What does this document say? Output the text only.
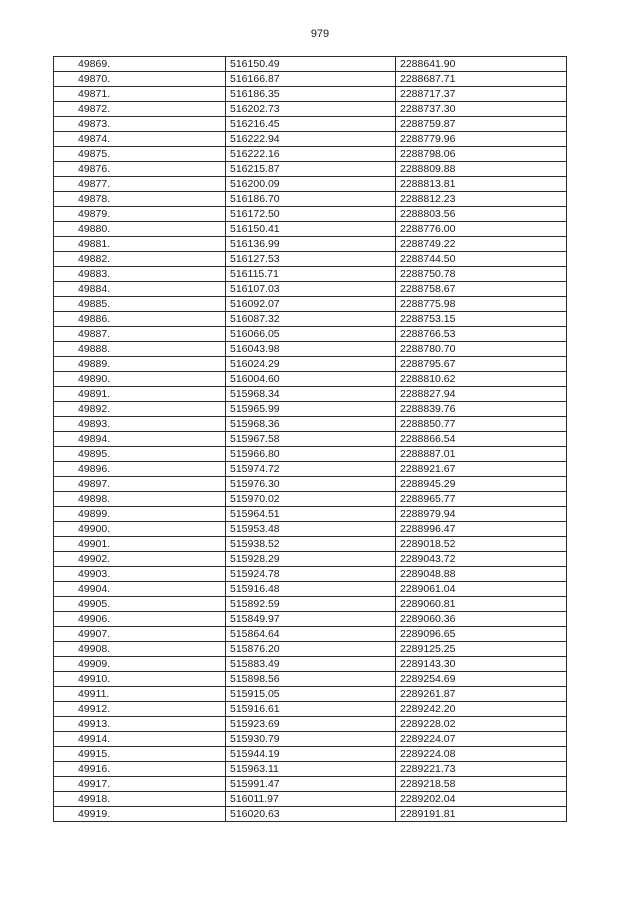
979
49869.	516150.49	2288641.90
49870.	516166.87	2288687.71
49871.	516186.35	2288717.37
49872.	516202.73	2288737.30
49873.	516216.45	2288759.87
49874.	516222.94	2288779.96
49875.	516222.16	2288798.06
49876.	516215.87	2288809.88
49877.	516200.09	2288813.81
49878.	516186.70	2288812.23
49879.	516172.50	2288803.56
49880.	516150.41	2288776.00
49881.	516136.99	2288749.22
49882.	516127.53	2288744.50
49883.	516115.71	2288750.78
49884.	516107.03	2288758.67
49885.	516092.07	2288775.98
49886.	516087.32	2288753.15
49887.	516066.05	2288766.53
49888.	516043.98	2288780.70
49889.	516024.29	2288795.67
49890.	516004.60	2288810.62
49891.	515968.34	2288827.94
49892.	515965.99	2288839.76
49893.	515968.36	2288850.77
49894.	515967.58	2288866.54
49895.	515966.80	2288887.01
49896.	515974.72	2288921.67
49897.	515976.30	2288945.29
49898.	515970.02	2288965.77
49899.	515964.51	2288979.94
49900.	515953.48	2288996.47
49901.	515938.52	2289018.52
49902.	515928.29	2289043.72
49903.	515924.78	2289048.88
49904.	515916.48	2289061.04
49905.	515892.59	2289060.81
49906.	515849.97	2289060.36
49907.	515864.64	2289096.65
49908.	515876.20	2289125.25
49909.	515883.49	2289143.30
49910.	515898.56	2289254.69
49911.	515915.05	2289261.87
49912.	515916.61	2289242.20
49913.	515923.69	2289228.02
49914.	515930.79	2289224.07
49915.	515944.19	2289224.08
49916.	515963.11	2289221.73
49917.	515991.47	2289218.58
49918.	516011.97	2289202.04
49919.	516020.63	2289191.81
